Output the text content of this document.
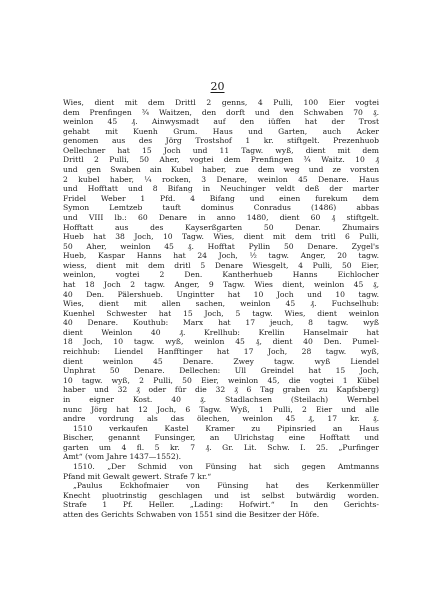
20
Wies, dient mit dem Drittl 2 genns, 4 Pulli, 100 Eier vogtei
dem Prenfingen ¾ Waitzen, den dorft und den Schwaben 70 ₰.
weinlon 45 ₰. Ainwysmadt auf den iüffen hat der Trost
gehabt mit Kuenh Grum. Haus und Garten, auch Acker
genomen aus des Jörg Trostshof 1 kr. stiftgelt. Prezenhuob
Oellechner hat 15 Joch und 11 Tagw. wyß, dient mit dem
Drittl 2 Pulli, 50 Aher, vogtei dem Prenfingen ¾ Waitz. 10 ₰
und gen Swaben ain Kubel haber, zue dem weg und ze vorsten
2 kubel haber, ¼ rocken, 3 Denare, weinlon 45 Denare. Haus
und Hofftatt und 8 Bifang in Neuchinger veldt deß der marter
Fridel Weber 1 Pfd. 4 Bifang und einen furekum dem
Symon Lemtzeb tauft dominus Conradus (1486) abbas
und VIII lb.: 60 Denare in anno 1480, dient 60 ₰ stiftgelt.
Hofftatt aus des Kayserßgarten 50 Denar. Zhumairs
Hueb hat 38 Joch, 10 Tagw. Wies, dient mit dem tritl 6 Pulli,
50 Aher, weinlon 45 ₰. Hofftat Pyllin 50 Denare. Zygel's
Hueb, Kaspar Hanns hat 24 Joch, ½ tagw. Anger, 20 tagw.
wiess, dient mit dem dritl 5 Denare Wiesgelt, 4 Pulli, 50 Eier,
weinlon, vogtei 2 Den. Kantherhueb Hanns Eichlocher
hat 18 Joch 2 tagw. Anger, 9 Tagw. Wies dient, weinlon 45 ₰,
40 Den. Pälershueb. Ungintter hat 10 Joch und 10 tagw.
Wies, dient mit allen sachen, weinlon 45 ₰. Fuchselhub:
Kuenhel Schwester hat 15 Joch, 5 tagw. Wies, dient weinlon
40 Denare. Kouthub: Marx hat 17 jeuch, 8 tagw. wyß
dient Weinlon 40 ₰. Krellhub: Krellin Hanselmair hat
18 Joch, 10 tagw. wyß, weinlon 45 ₰, dient 40 Den. Pumel-
reichhub: Liendel Hanfftinger hat 17 Joch, 28 tagw. wyß,
dient weinlon 45 Denare. Zwey tagw. wyß Liendel
Unphrat 50 Denare. Dellechen: Ull Greindel hat 15 Joch,
10 tagw. wyß, 2 Pulli, 50 Eier, weinlon 45, die vogtei 1 Kübel
haber und 32 ₰ oder für die 32 ₰ 6 Tag graben zu Kapfsberg)
in eigner Kost. 40 ₰. Stadlachsen (Steilach) Wernbel
nunc Jörg hat 12 Joch, 6 Tagw. Wyß, 1 Pulli, 2 Eier und alle
andre vordrung als das ölechen, weinlon 45 ₰, 17 kr. ₰.
1510 verkaufen Kastel Kramer zu Pipinsried an Haus
Bischer, genannt Funsinger, an Ulrichstag eine Hofftatt und
garten um 4 fl. 5 kr. 7 ₰. Gr. Lit. Schw. I. 25. „Purfinger
Amt“ (vom Jahre 1437—1552).
1510. „Der Schmid von Fünsing hat sich gegen Amtmanns
Pfand mit Gewalt gewert. Strafe 7 kr.“
„Paulus Eckhofmaier von Fünsing hat des Kerkenmüller
Knecht pluotrinstig geschlagen und ist selbst butwärdig worden.
Strafe 1 Pf. Heller. „Lading: Hofwirt.“ In den Gerichts-
atten des Gerichts Schwaben von 1551 sind die Besitzer der Höfe.
